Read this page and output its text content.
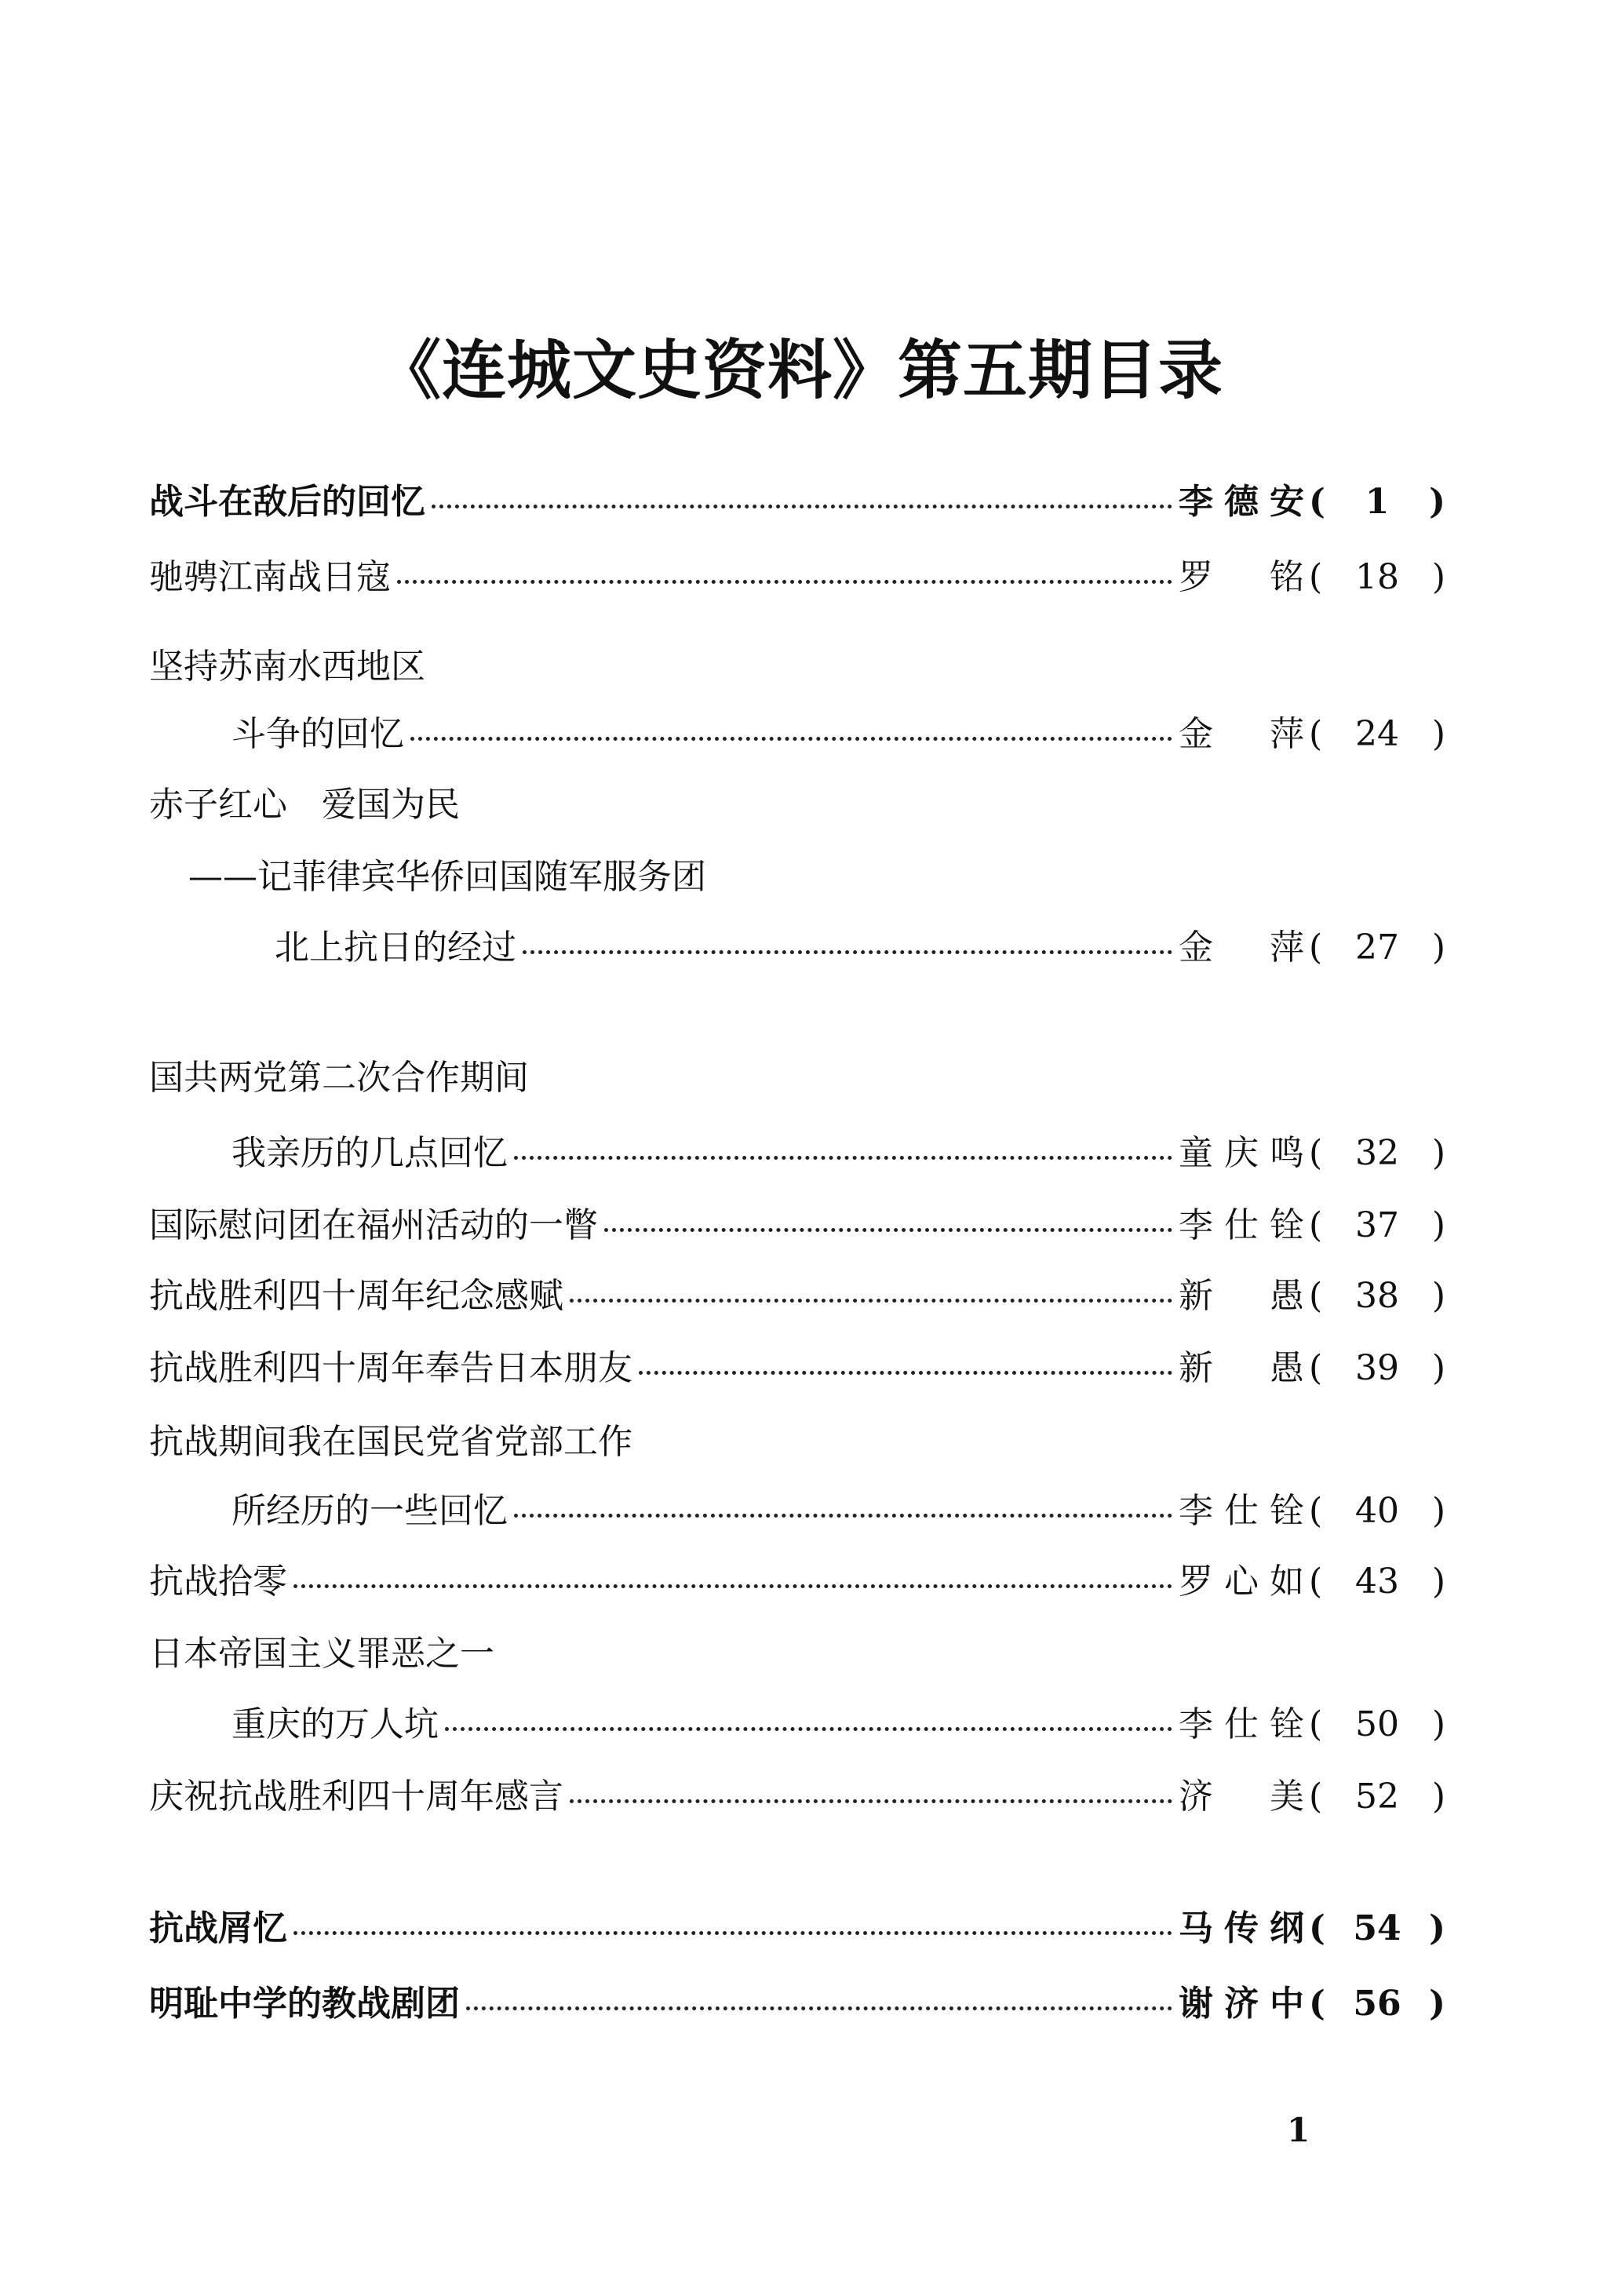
《连城文史资料》第五期目录
战斗在敌后的回忆	李德安 ( 1 )
驰骋江南战日寇	罗 铭 ( 18 )
坚持苏南水西地区
斗争的回忆	金 萍 ( 24 )
赤子红心　爱国为民
——记菲律宾华侨回国随军服务团
北上抗日的经过	金 萍 ( 27 )
国共两党第二次合作期间
我亲历的几点回忆	童庆鸣 ( 32 )
国际慰问团在福州活动的一瞥	李仕铨 ( 37 )
抗战胜利四十周年纪念感赋	新 愚 ( 38 )
抗战胜利四十周年奉告日本朋友	新 愚 ( 39 )
抗战期间我在国民党省党部工作
所经历的一些回忆	李仕铨 ( 40 )
抗战拾零	罗心如 ( 43 )
日本帝国主义罪恶之一
重庆的万人坑	李仕铨 ( 50 )
庆祝抗战胜利四十周年感言	济 美 ( 52 )
抗战屑忆	马传纲 ( 54 )
明耻中学的教战剧团	谢济中 ( 56 )
1
